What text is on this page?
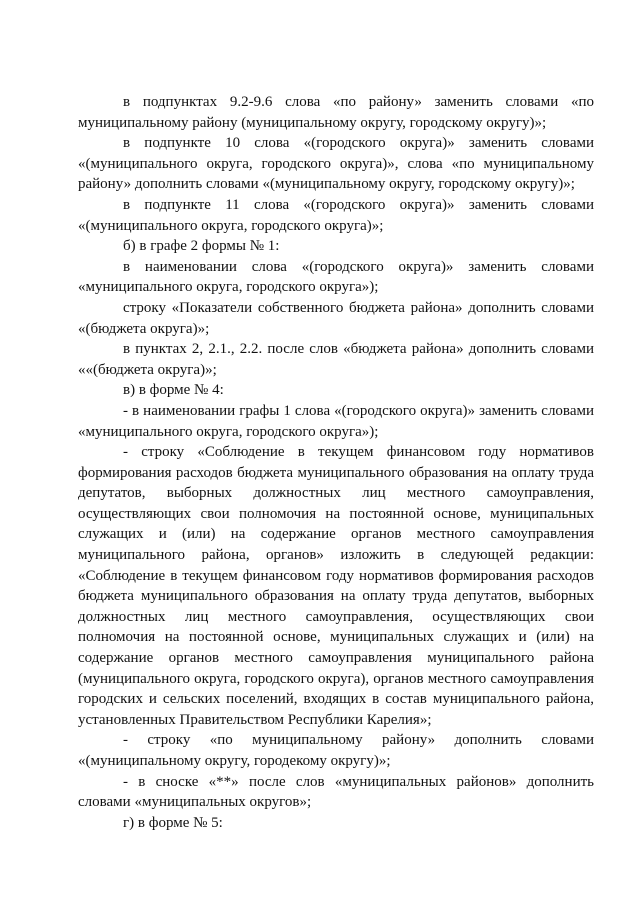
в подпунктах 9.2-9.6 слова «по району» заменить словами «по муниципальному району (муниципальному округу, городскому округу)»;

в подпункте 10 слова «(городского округа)» заменить словами «(муниципального округа, городского округа)», слова «по муниципальному району» дополнить словами «(муниципальному округу, городскому округу)»;

в подпункте 11 слова «(городского округа)» заменить словами «(муниципального округа, городского округа)»;

б) в графе 2 формы № 1:

в наименовании слова «(городского округа)» заменить словами «муниципального округа, городского округа»);

строку «Показатели собственного бюджета района» дополнить словами «(бюджета округа)»;

в пунктах 2, 2.1., 2.2. после слов «бюджета района» дополнить словами ««(бюджета округа)»;

в) в форме № 4:

- в наименовании графы 1 слова «(городского округа)» заменить словами «муниципального округа, городского округа»);

- строку «Соблюдение в текущем финансовом году нормативов формирования расходов бюджета муниципального образования на оплату труда депутатов, выборных должностных лиц местного самоуправления, осуществляющих свои полномочия на постоянной основе, муниципальных служащих и (или) на содержание органов местного самоуправления муниципального района, органов» изложить в следующей редакции: «Соблюдение в текущем финансовом году нормативов формирования расходов бюджета муниципального образования на оплату труда депутатов, выборных должностных лиц местного самоуправления, осуществляющих свои полномочия на постоянной основе, муниципальных служащих и (или) на содержание органов местного самоуправления муниципального района (муниципального округа, городского округа), органов местного самоуправления городских и сельских поселений, входящих в состав муниципального района, установленных Правительством Республики Карелия»;

- строку «по муниципальному району» дополнить словами «(муниципальному округу, городекому округу)»;

- в сноске «**» после слов «муниципальных районов» дополнить словами «муниципальных округов»;

г) в форме № 5:
